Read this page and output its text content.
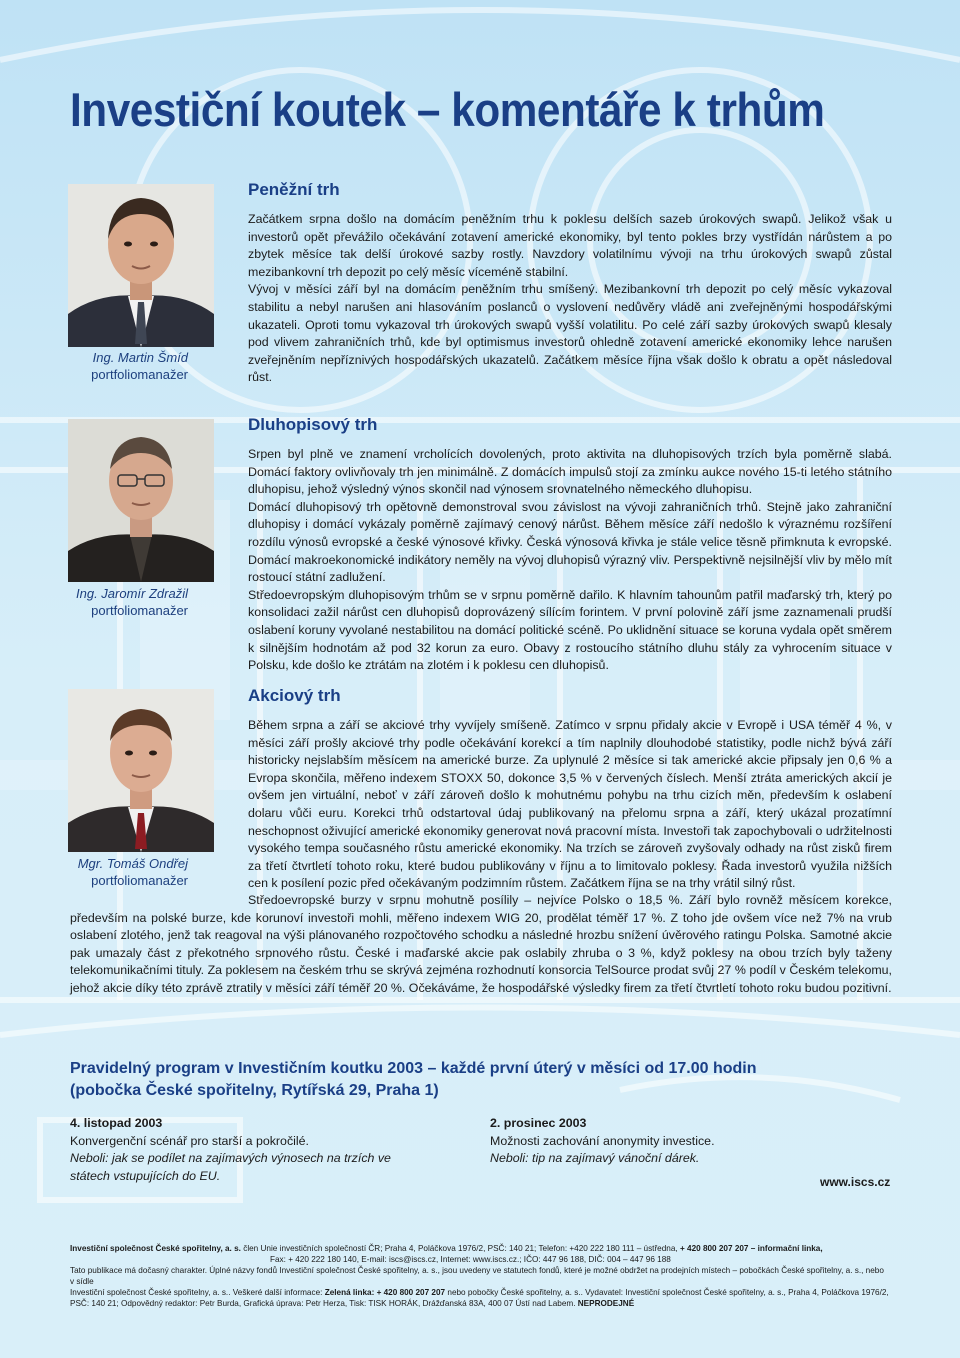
Investiční koutek – komentáře k trhům
Ing. Martin Šmíd
portfoliomanažer
Ing. Jaromír Zdražil
portfoliomanažer
Mgr. Tomáš Ondřej
portfoliomanažer
Peněžní trh

Začátkem srpna došlo na domácím peněžním trhu k poklesu delších sazeb úrokových swapů. Jelikož však u investorů opět převážilo očekávání zotavení americké ekonomiky, byl tento pokles brzy vystřídán nárůstem a po zbytek měsíce tak delší úrokové sazby rostly. Navzdory volatilnímu vývoji na trhu úrokových swapů zůstal mezibankovní trh depozit po celý měsíc víceméně stabilní.

Vývoj v měsíci září byl na domácím peněžním trhu smíšený. Mezibankovní trh depozit po celý měsíc vykazoval stabilitu a nebyl narušen ani hlasováním poslanců o vyslovení nedůvěry vládě ani zveřejněnými hospodářskými ukazateli. Oproti tomu vykazoval trh úrokových swapů vyšší volatilitu. Po celé září sazby úrokových swapů klesaly pod vlivem zahraničních trhů, kde byl optimismus investorů ohledně zotavení americké ekonomiky lehce narušen zveřejněním nepříznivých hospodářských ukazatelů. Začátkem měsíce října však došlo k obratu a opět následoval růst.

Dluhopisový trh

Srpen byl plně ve znamení vrcholících dovolených, proto aktivita na dluhopisových trzích byla poměrně slabá. Domácí faktory ovlivňovaly trh jen minimálně. Z domácích impulsů stojí za zmínku aukce nového 15-ti letého státního dluhopisu, jehož výsledný výnos skončil nad výnosem srovnatelného německého dluhopisu.

Domácí dluhopisový trh opětovně demonstroval svou závislost na vývoji zahraničních trhů. Stejně jako zahraniční dluhopisy i domácí vykázaly poměrně zajímavý cenový nárůst. Během měsíce září nedošlo k výraznému rozšíření rozdílu výnosů evropské a české výnosové křivky. Česká výnosová křivka je stále velice těsně přimknuta k evropské. Domácí makroekonomické indikátory neměly na vývoj dluhopisů výrazný vliv. Perspektivně nejsilnější vliv by mělo mít rostoucí státní zadlužení.

Středoevropským dluhopisovým trhům se v srpnu poměrně dařilo. K hlavním tahounům patřil maďarský trh, který po konsolidaci zažil nárůst cen dluhopisů doprovázený sílícím forintem. V první polovině září jsme zaznamenali prudší oslabení koruny vyvolané nestabilitou na domácí politické scéně. Po uklidnění situace se koruna vydala opět směrem k silnějším hodnotám až pod 32 korun za euro. Obavy z rostoucího státního dluhu stály za vyhrocením situace v Polsku, kde došlo ke ztrátám na zlotém i k poklesu cen dluhopisů.

Akciový trh

Během srpna a září se akciové trhy vyvíjely smíšeně. Zatímco v srpnu přidaly akcie v Evropě i USA téměř 4 %, v měsíci září prošly akciové trhy podle očekávání korekcí a tím naplnily dlouhodobé statistiky, podle nichž bývá září historicky nejslabším měsícem na americké burze. Za uplynulé 2 měsíce si tak americké akcie připsaly jen 0,6 % a Evropa skončila, měřeno indexem STOXX 50, dokonce 3,5 % v červených číslech. Menší ztráta amerických akcií je ovšem jen virtuální, neboť v září zároveň došlo k mohutnému pohybu na trhu cizích měn, především k oslabení dolaru vůči euru. Korekci trhů odstartoval údaj publikovaný na přelomu srpna a září, který ukázal prozatímní neschopnost oživující americké ekonomiky generovat nová pracovní místa. Investoři tak zapochybovali o udržitelnosti vysokého tempa současného růstu americké ekonomiky. Na trzích se zároveň zvyšovaly odhady na růst zisků firem za třetí čtvrtletí tohoto roku, které budou publikovány v říjnu a to limitovalo poklesy. Řada investorů využila nižších cen k posílení pozic před očekávaným podzimním růstem. Začátkem října se na trhy vrátil silný růst.

Středoevropské burzy v srpnu mohutně posílily – nejvíce Polsko o 18,5 %. Září bylo rovněž měsícem korekce, především na polské burze, kde korunoví investoři mohli, měřeno indexem WIG 20, prodělat téměř 17 %. Z toho jde ovšem více než 7% na vrub oslabení zlotého, jenž tak reagoval na výši plánovaného rozpočtového schodku a následné hrozbu snížení úvěrového ratingu Polska. Samotné akcie pak umazaly část z překotného srpnového růstu. České i maďarské akcie pak oslabily zhruba o 3 %, když poklesy na obou trzích byly taženy telekomunikačními tituly. Za poklesem na českém trhu se skrývá zejména rozhodnutí konsorcia TelSource prodat svůj 27 % podíl v Českém telekomu, jehož akcie díky této zprávě ztratily v měsíci září téměř 20 %. Očekáváme, že hospodářské výsledky firem za třetí čtvrtletí tohoto roku budou pozitivní.

Pravidelný program v Investičním koutku 2003 – každé první úterý v měsíci od 17.00 hodin
(pobočka České spořitelny, Rytířská 29, Praha 1)
4. listopad 2003
Konvergenční scénář pro starší a pokročilé.
Neboli: jak se podílet na zajímavých výnosech na trzích ve státech vstupujících do EU.
2. prosinec 2003
Možnosti zachování anonymity investice.
Neboli: tip na zajímavý vánoční dárek.
www.iscs.cz
Investiční společnost České spořitelny, a. s. člen Unie investičních společností ČR; Praha 4, Poláčkova 1976/2, PSČ: 140 21; Telefon: +420 222 180 111 – ústředna, + 420 800 207 207 – informační linka,
Fax: + 420 222 180 140, E-mail: iscs@iscs.cz, Internet: www.iscs.cz.; IČO: 447 96 188, DIČ: 004 – 447 96 188
Tato publikace má dočasný charakter. Úplné názvy fondů Investiční společnost České spořitelny, a. s., jsou uvedeny ve statutech fondů, které je možné obdržet na prodejních místech – pobočkách České spořitelny, a. s., nebo v sídle
Investiční společnost České spořitelny, a. s.. Veškeré další informace: Zelená linka: + 420 800 207 207 nebo pobočky České spořitelny, a. s.. Vydavatel: Investiční společnost České spořitelny, a. s., Praha 4, Poláčkova 1976/2,
PSČ: 140 21; Odpovědný redaktor: Petr Burda, Grafická úprava: Petr Herza, Tisk: TISK HORÁK, Drážďanská 83A, 400 07 Ústí nad Labem. NEPRODEJNÉ
